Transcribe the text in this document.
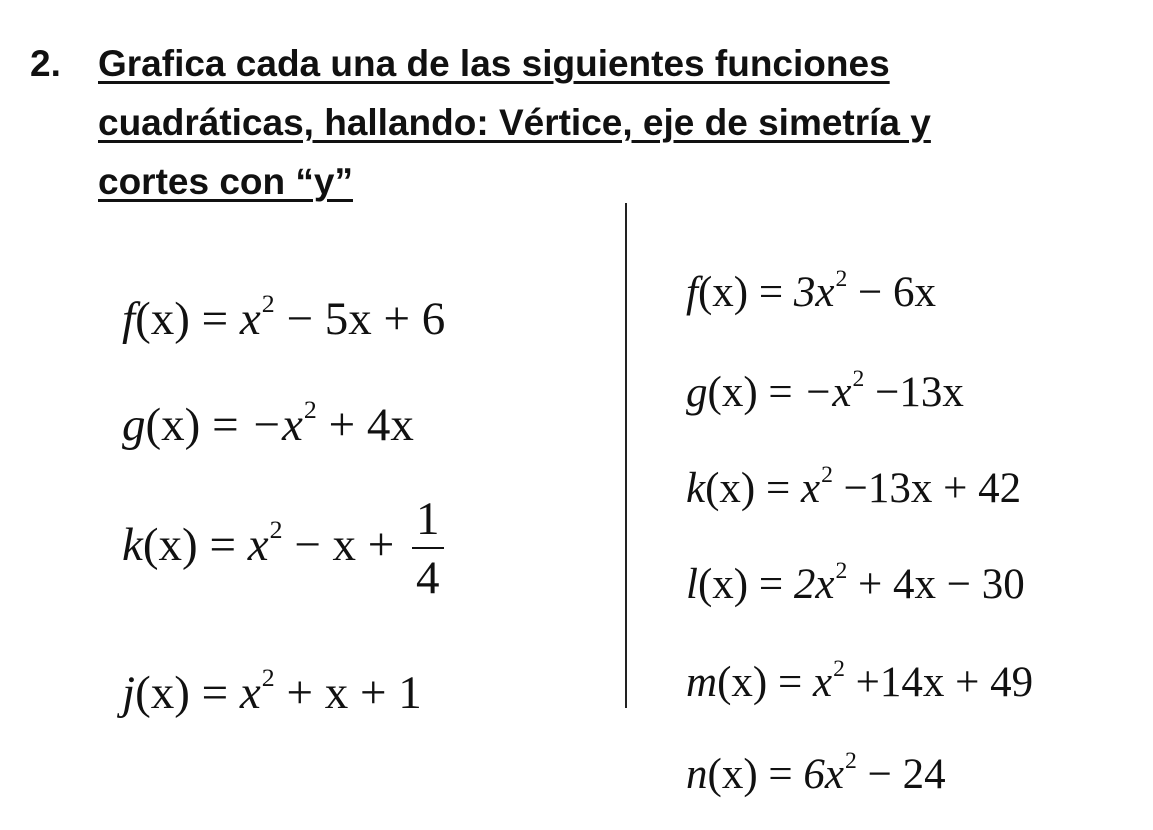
2. Grafica cada una de las siguientes funciones
cuadráticas, hallando: Vértice, eje de simetría y
cortes con “y”
$f(x) = x^2 - 5x + 6$
$g(x) = -x^2 + 4x$
$k(x) = x^2 - x + \frac{1}{4}$
$j(x) = x^2 + x + 1$
$f(x) = 3x^2 - 6x$
$g(x) = -x^2 -13x$
$k(x) = x^2 -13x + 42$
$l(x) = 2x^2 + 4x - 30$
$m(x) = x^2 +14x + 49$
$n(x) = 6x^2 - 24$
